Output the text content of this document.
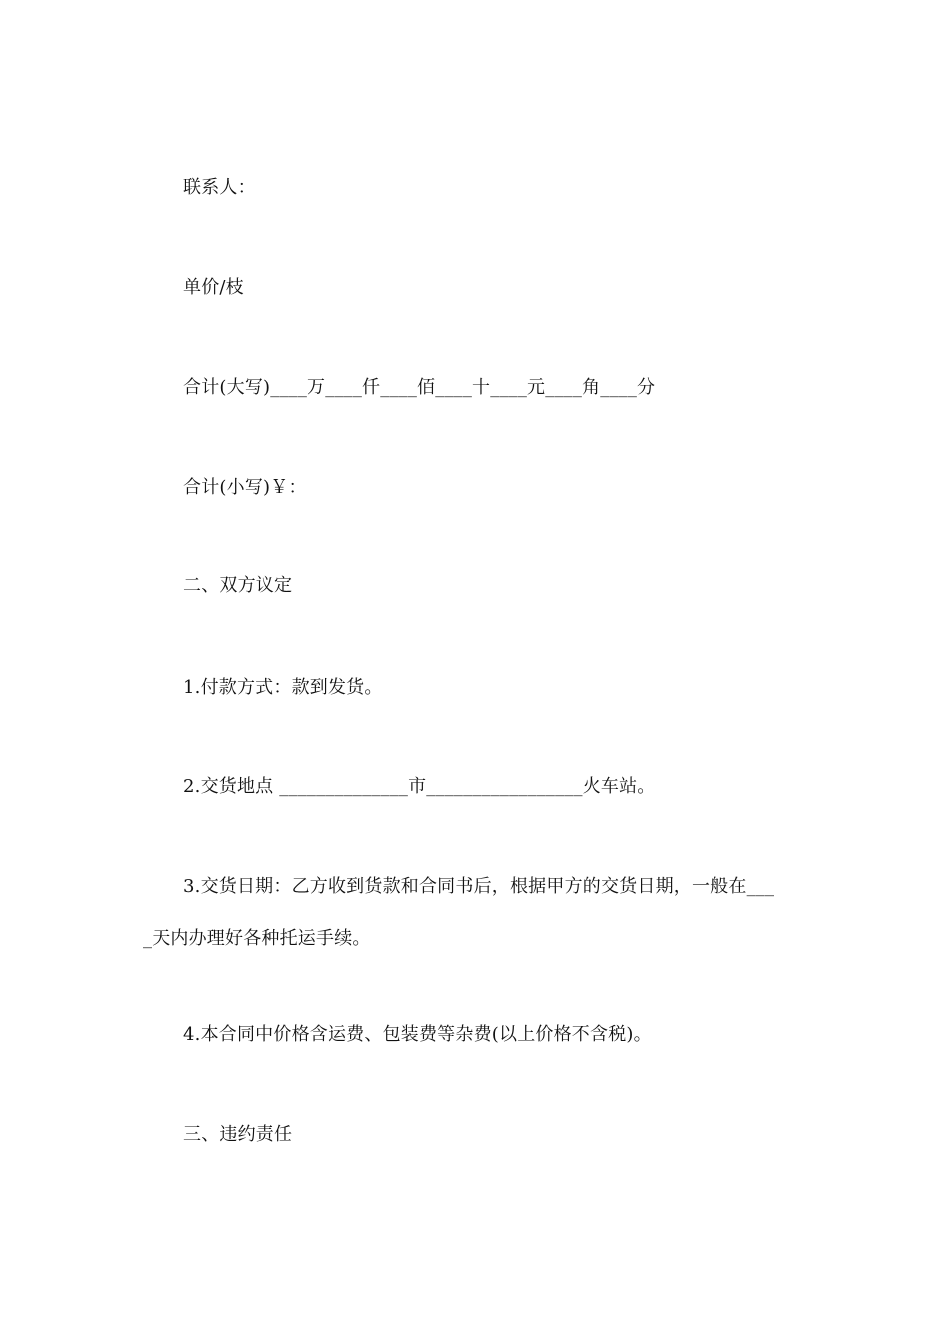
联系人：
单价/枝
合计(大写)____万____仟____佰____十____元____角____分
合计(小写)￥：
二、双方议定
1.付款方式：款到发货。
2.交货地点 ______________市_________________火车站。
3.交货日期：乙方收到货款和合同书后，根据甲方的交货日期，一般在___
_天内办理好各种托运手续。
4.本合同中价格含运费、包装费等杂费(以上价格不含税)。
三、违约责任
